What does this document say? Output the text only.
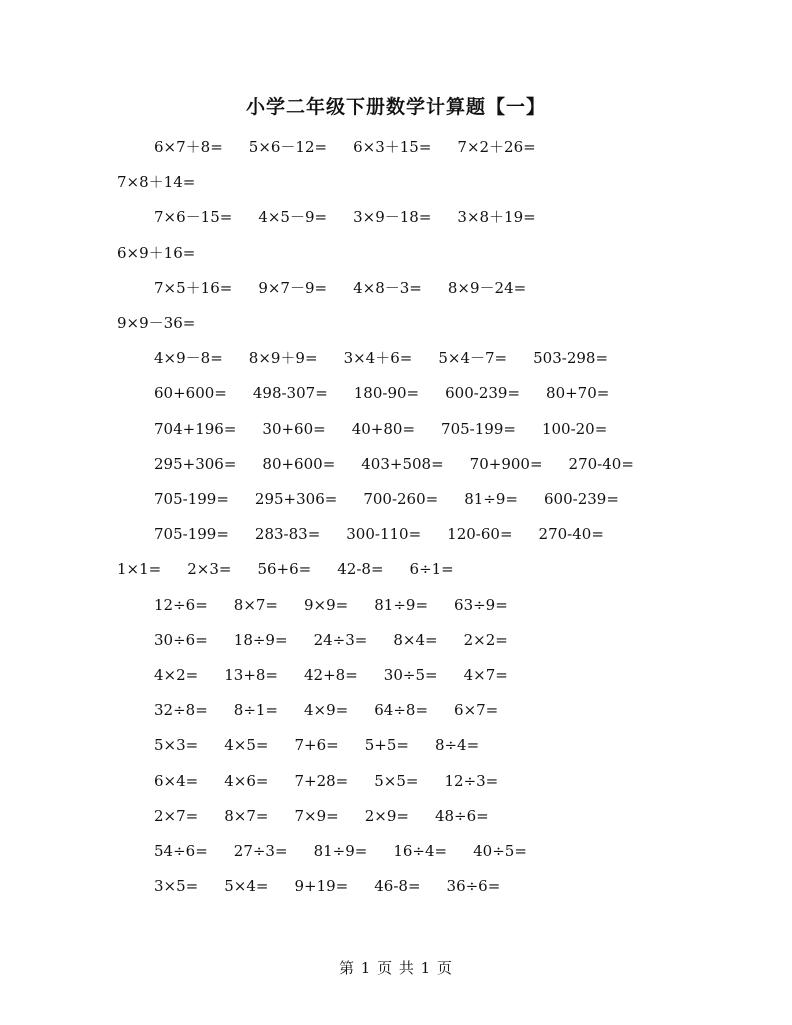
小学二年级下册数学计算题【一】
6×7＋8= 5×6－12= 6×3＋15= 7×2＋26=
7×8＋14=
7×6－15= 4×5－9= 3×9－18= 3×8＋19=
6×9＋16=
7×5＋16= 9×7－9= 4×8－3= 8×9－24=
9×9－36=
4×9－8= 8×9＋9= 3×4＋6= 5×4－7= 503-298=
60+600= 498-307= 180-90= 600-239= 80+70=
704+196= 30+60= 40+80= 705-199= 100-20=
295+306= 80+600= 403+508= 70+900= 270-40=
705-199= 295+306= 700-260= 81÷9= 600-239=
705-199= 283-83= 300-110= 120-60= 270-40=
1×1= 2×3= 56+6= 42-8= 6÷1=
12÷6= 8×7= 9×9= 81÷9= 63÷9=
30÷6= 18÷9= 24÷3= 8×4= 2×2=
4×2= 13+8= 42+8= 30÷5= 4×7=
32÷8= 8÷1= 4×9= 64÷8= 6×7=
5×3= 4×5= 7+6= 5+5= 8÷4=
6×4= 4×6= 7+28= 5×5= 12÷3=
2×7= 8×7= 7×9= 2×9= 48÷6=
54÷6= 27÷3= 81÷9= 16÷4= 40÷5=
3×5= 5×4= 9+19= 46-8= 36÷6=
第 1 页 共 1 页
